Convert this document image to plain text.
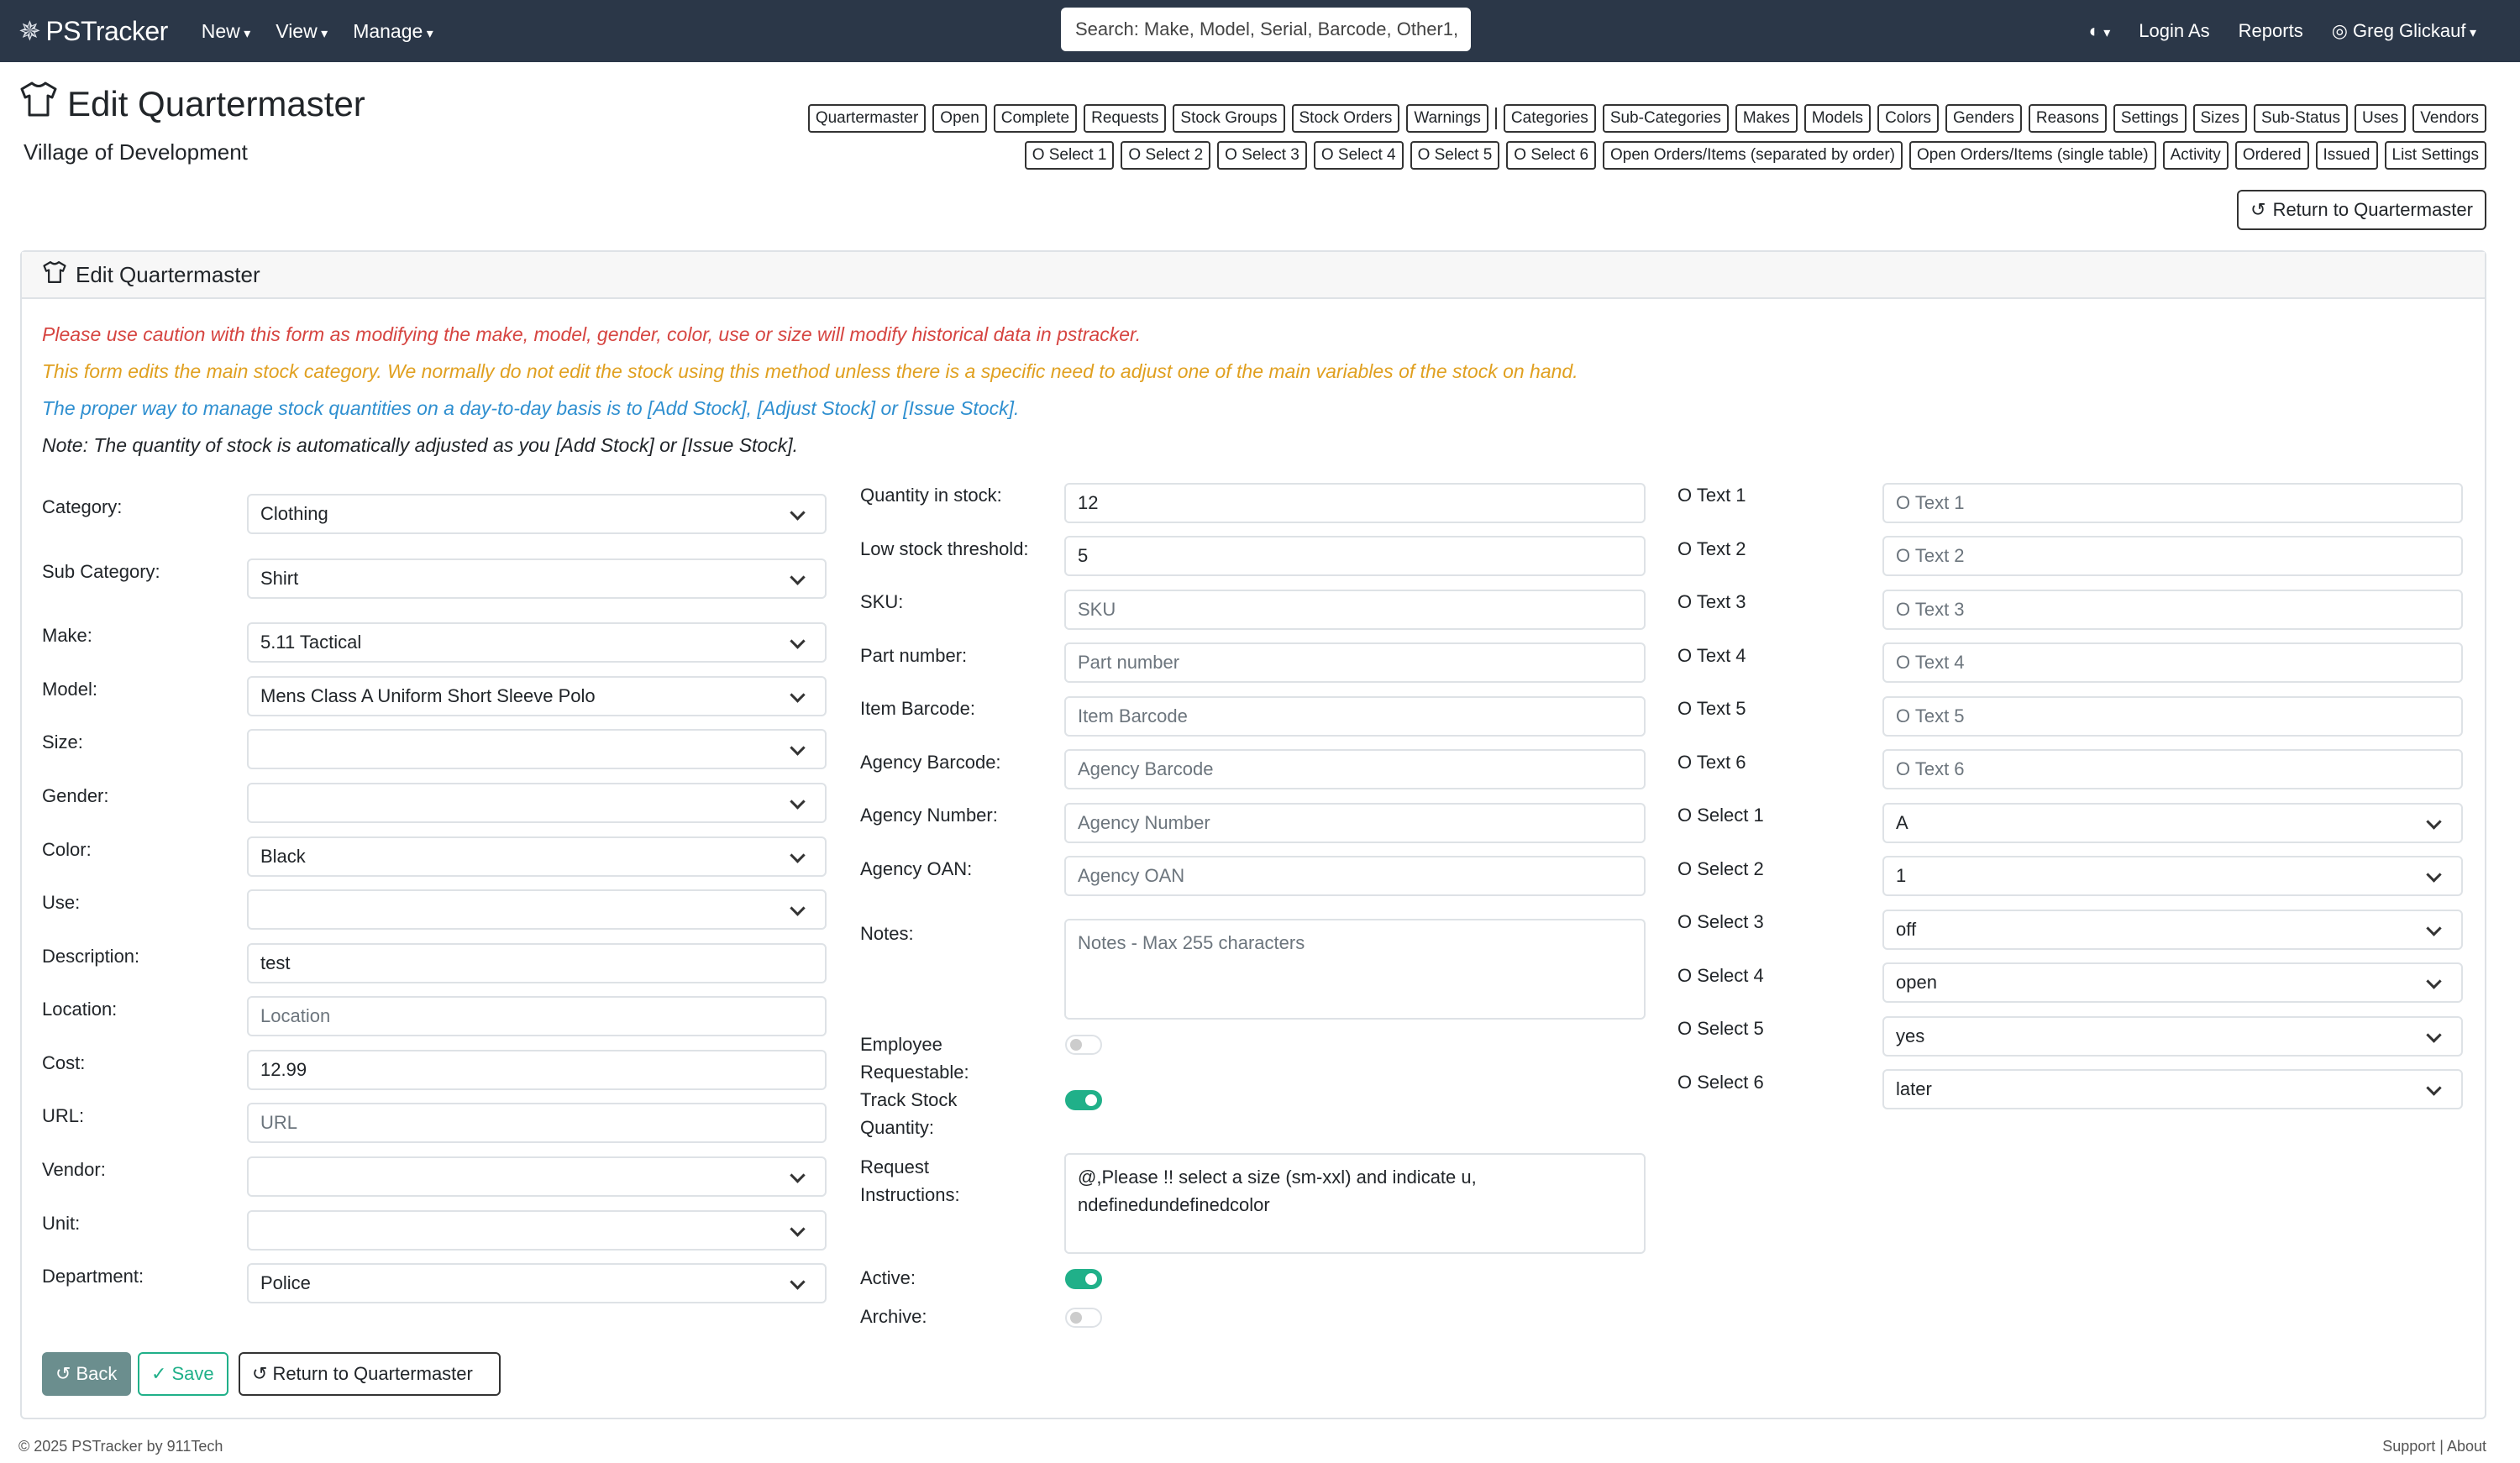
✵ PSTracker New ▾	View ▾	Manage ▾	Search: Make, Model, Serial, Barcode, Other1,	◐ ▾	Login As Reports ◎ Greg Glickauf ▾
Edit Quartermaster
Village of Development
Quartermaster	Open	Complete	Requests	Stock Groups	Stock Orders	Warnings	Categories	Sub-Categories	Makes	Models	Colors	Genders	Reasons	Settings	Sizes	Sub-Status	Uses	Vendors
O Select 1	O Select 2	O Select 3	O Select 4	O Select 5	O Select 6	Open Orders/Items (separated by order)	Open Orders/Items (single table)	Activity	Ordered	Issued	List Settings
↺ Return to Quartermaster
Edit Quartermaster
Please use caution with this form as modifying the make, model, gender, color, use or size will modify historical data in pstracker.
This form edits the main stock category. We normally do not edit the stock using this method unless there is a specific need to adjust one of the main variables of the stock on hand.
The proper way to manage stock quantities on a day-to-day basis is to [Add Stock], [Adjust Stock] or [Issue Stock].
Note: The quantity of stock is automatically adjusted as you [Add Stock] or [Issue Stock].
Category:	Clothing
Sub Category:	Shirt
Make:	5.11 Tactical
Model:	Mens Class A Uniform Short Sleeve Polo
Size:
Gender:
Color:	Black
Use:
Description:	test
Location:	Location
Cost:	12.99
URL:	URL
Vendor:
Unit:
Department:	Police
Quantity in stock:	12
Low stock threshold:	5
SKU:	SKU
Part number:	Part number
Item Barcode:	Item Barcode
Agency Barcode:	Agency Barcode
Agency Number:	Agency Number
Agency OAN:	Agency OAN
Notes:	Notes - Max 255 characters
Employee
Requestable:
Track Stock
Quantity:
Request
Instructions:
@,Please !! select a size (sm-xxl) and indicate u,
ndefinedundefinedcolor
Active:
Archive:
O Text 1	O Text 1
O Text 2	O Text 2
O Text 3	O Text 3
O Text 4	O Text 4
O Text 5	O Text 5
O Text 6	O Text 6
O Select 1	A
O Select 2	1
O Select 3	off
O Select 4	open
O Select 5	yes
O Select 6	later
↺ Back ✓ Save ↺ Return to Quartermaster
© 2025 PSTracker by 911Tech	Support | About
